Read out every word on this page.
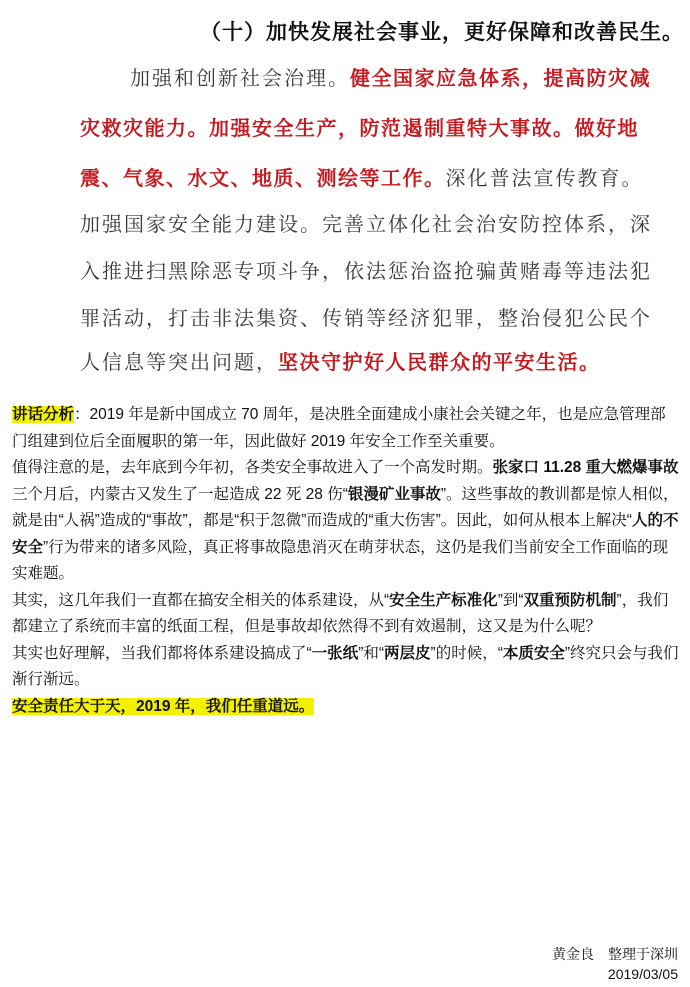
（十）加快发展社会事业，更好保障和改善民生。
加强和创新社会治理。健全国家应急体系，提高防灾减
灾救灾能力。加强安全生产，防范遏制重特大事故。做好地
震、气象、水文、地质、测绘等工作。深化普法宣传教育。
加强国家安全能力建设。完善立体化社会治安防控体系，深
入推进扫黑除恶专项斗争，依法惩治盗抢骗黄赌毒等违法犯
罪活动，打击非法集资、传销等经济犯罪，整治侵犯公民个
人信息等突出问题，坚决守护好人民群众的平安生活。

讲话分析：2019 年是新中国成立 70 周年，是决胜全面建成小康社会关键之年，也是应急管理部门组建到位后全面履职的第一年，因此做好 2019 年安全工作至关重要。

值得注意的是，去年底到今年初，各类安全事故进入了一个高发时期。张家口 11.28 重大燃爆事故三个月后，内蒙古又发生了一起造成 22 死 28 伤“银漫矿业事故”。这些事故的教训都是惊人相似，就是由“人祸”造成的“事故”，都是“积于忽微”而造成的“重大伤害”。因此，如何从根本上解决“人的不安全”行为带来的诸多风险，真正将事故隐患消灭在萌芽状态，这仍是我们当前安全工作面临的现实难题。

其实，这几年我们一直都在搞安全相关的体系建设，从“安全生产标准化”到“双重预防机制”，我们都建立了系统而丰富的纸面工程，但是事故却依然得不到有效遏制，这又是为什么呢？

其实也好理解，当我们都将体系建设搞成了“一张纸”和“两层皮”的时候，“本质安全”终究只会与我们渐行渐远。

安全责任大于天，2019 年，我们任重道远。

黄金良　整理于深圳
2019/03/05
